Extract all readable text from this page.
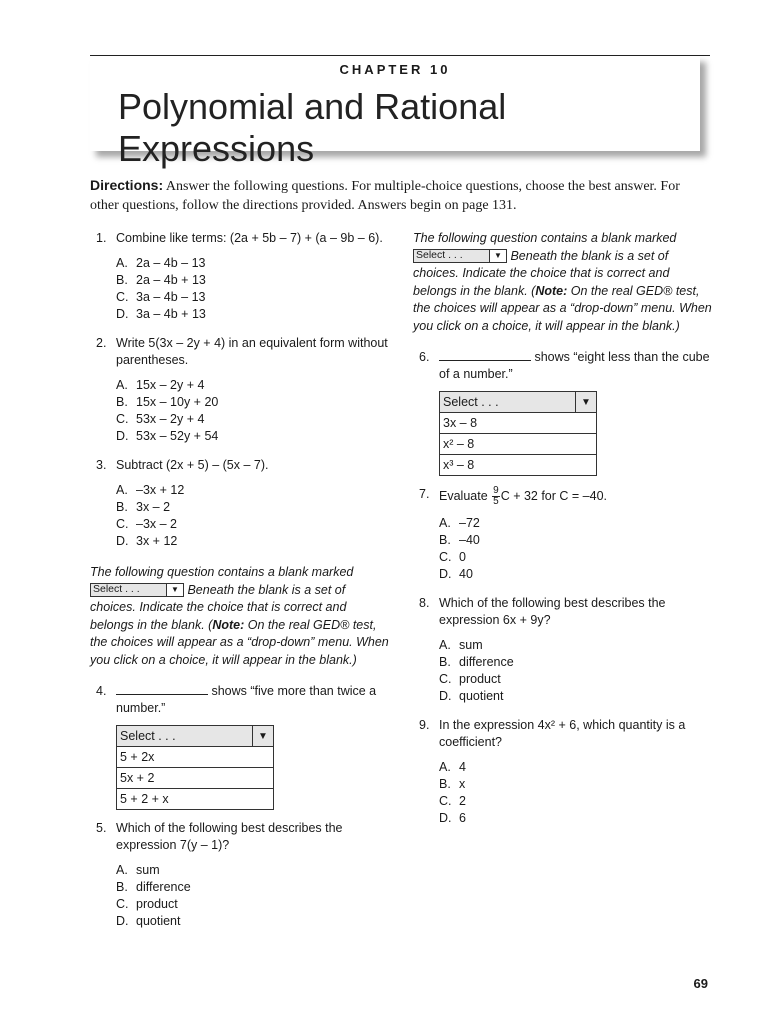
CHAPTER 10
Polynomial and Rational Expressions
Directions: Answer the following questions. For multiple-choice questions, choose the best answer. For other questions, follow the directions provided. Answers begin on page 131.
1. Combine like terms: (2a + 5b – 7) + (a – 9b – 6).
A. 2a – 4b – 13
B. 2a – 4b + 13
C. 3a – 4b – 13
D. 3a – 4b + 13
2. Write 5(3x – 2y + 4) in an equivalent form without parentheses.
A. 15x – 2y + 4
B. 15x – 10y + 20
C. 53x – 2y + 4
D. 53x – 52y + 54
3. Subtract (2x + 5) – (5x – 7).
A. –3x + 12
B. 3x – 2
C. –3x – 2
D. 3x + 12
The following question contains a blank marked Select . . .	▼ Beneath the blank is a set of choices. Indicate the choice that is correct and belongs in the blank. (Note: On the real GED® test, the choices will appear as a “drop-down” menu. When you click on a choice, it will appear in the blank.)
4.	shows “five more than twice a number.”
Select . . .	▼

5 + 2x
5x + 2
5 + 2 + x
5. Which of the following best describes the expression 7(y – 1)?
A. sum
B. difference
C. product
D. quotient
The following question contains a blank marked Select . . .	▼ Beneath the blank is a set of choices. Indicate the choice that is correct and belongs in the blank. (Note: On the real GED® test, the choices will appear as a “drop-down” menu. When you click on a choice, it will appear in the blank.)
6.	shows “eight less than the cube of a number.”
Select . . .	▼

3x – 8
x² – 8
x³ – 8
7. Evaluate $\frac{9}{5}$ C + 32 for C = –40.
A. –72
B. –40
C. 0
D. 40
8. Which of the following best describes the expression 6x + 9y?
A. sum
B. difference
C. product
D. quotient
9. In the expression 4x² + 6, which quantity is a coefficient?
A. 4
B. x
C. 2
D. 6
69
